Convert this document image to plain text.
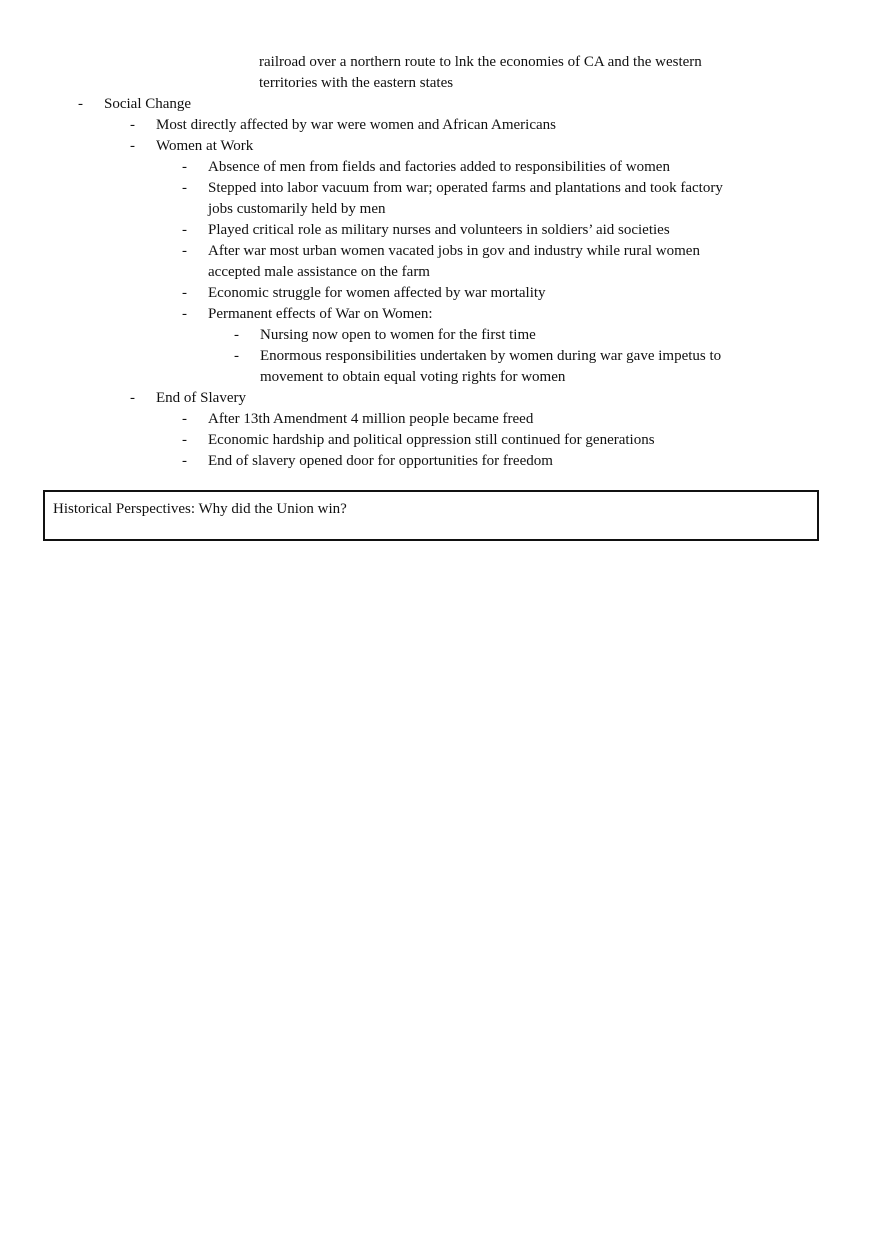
railroad over a northern route to lnk the economies of CA and the western
territories with the eastern states
- Social Change
- Most directly affected by war were women and African Americans
- Women at Work
- Absence of men from fields and factories added to responsibilities of women
- Stepped into labor vacuum from war; operated farms and plantations and took factory
jobs customarily held by men
- Played critical role as military nurses and volunteers in soldiers’ aid societies
- After war most urban women vacated jobs in gov and industry while rural women
accepted male assistance on the farm
- Economic struggle for women affected by war mortality
- Permanent effects of War on Women:
- Nursing now open to women for the first time
- Enormous responsibilities undertaken by women during war gave impetus to
movement to obtain equal voting rights for women
- End of Slavery
- After 13th Amendment 4 million people became freed
- Economic hardship and political oppression still continued for generations
- End of slavery opened door for opportunities for freedom
Historical Perspectives: Why did the Union win?
